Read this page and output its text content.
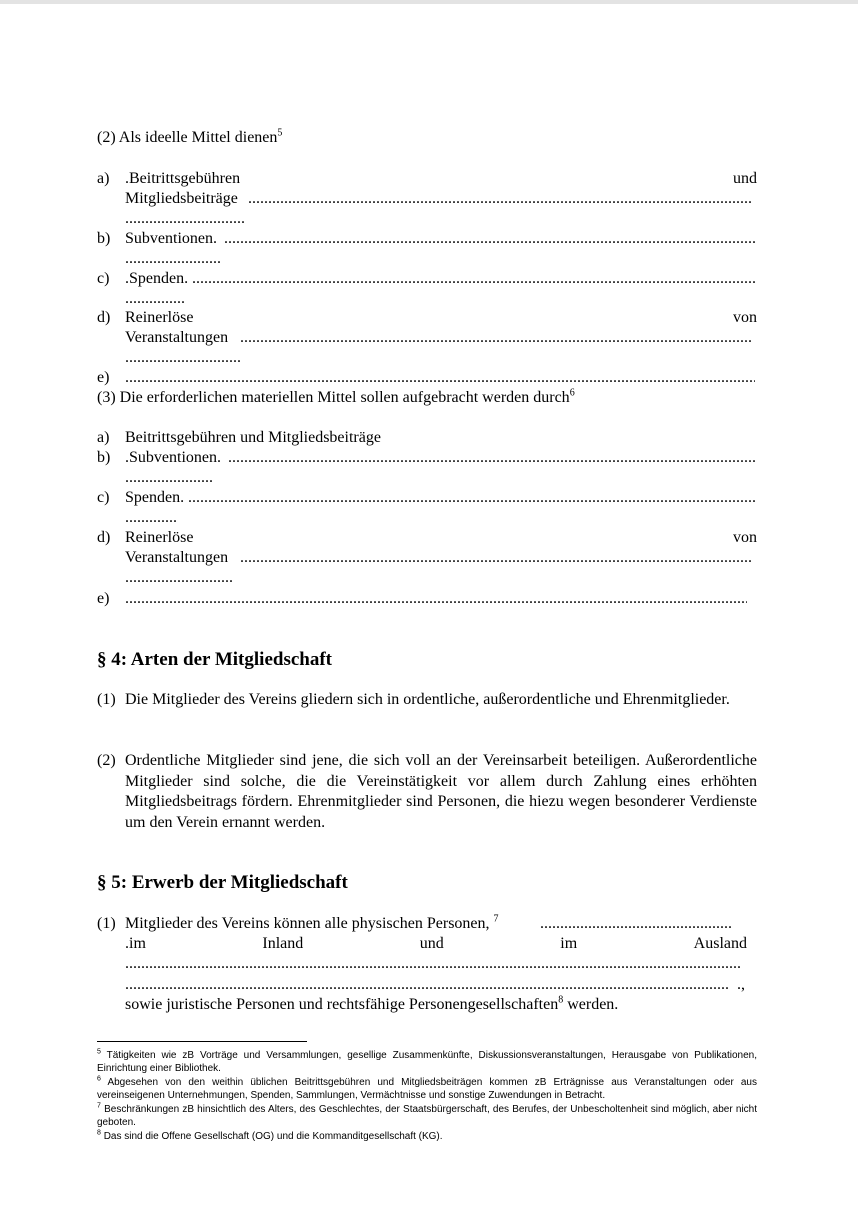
(2) Als ideelle Mittel dienen$^5$
a) .Beitrittsgebühren	und
Mitgliedsbeiträge
.....
.....
b) Subventionen.
.....
.....
c) .Spenden.
.....
.....
d) Reinerlöse	von
Veranstaltungen
.....
.....
e)
.....
(3) Die erforderlichen materiellen Mittel sollen aufgebracht werden durch$^6$
a) Beitrittsgebühren und Mitgliedsbeiträge
b) .Subventionen.
.....
.....
c) Spenden.
.....
.....
d) Reinerlöse	von
Veranstaltungen
.....
.....
e)
.....
§ 4: Arten der Mitgliedschaft
(1) Die Mitglieder des Vereins gliedern sich in ordentliche, außerordentliche und Ehrenmitglieder.
(2) Ordentliche Mitglieder sind jene, die sich voll an der Vereinsarbeit beteiligen. Außerordentliche Mitglieder sind solche, die die Vereinstätigkeit vor allem durch Zahlung eines erhöhten Mitgliedsbeitrags fördern. Ehrenmitglieder sind Personen, die hiezu wegen besonderer Verdienste um den Verein ernannt werden.
§ 5: Erwerb der Mitgliedschaft
(1) Mitglieder des Vereins können alle physischen Personen, $^7$
.....
.im	Inland	und	im	Ausland
.....
.....
.,
sowie juristische Personen und rechtsfähige Personengesellschaften$^8$ werden.
$^5$ Tätigkeiten wie zB Vorträge und Versammlungen, gesellige Zusammenkünfte, Diskussionsveranstaltungen, Herausgabe von Publikationen, Einrichtung einer Bibliothek.
$^6$ Abgesehen von den weithin üblichen Beitrittsgebühren und Mitgliedsbeiträgen kommen zB Erträgnisse aus Veranstaltungen oder aus vereinseigenen Unternehmungen, Spenden, Sammlungen, Vermächtnisse und sonstige Zuwendungen in Betracht.
$^7$ Beschränkungen zB hinsichtlich des Alters, des Geschlechtes, der Staatsbürgerschaft, des Berufes, der Unbescholtenheit sind möglich, aber nicht geboten.
$^8$ Das sind die Offene Gesellschaft (OG) und die Kommanditgesellschaft (KG).
